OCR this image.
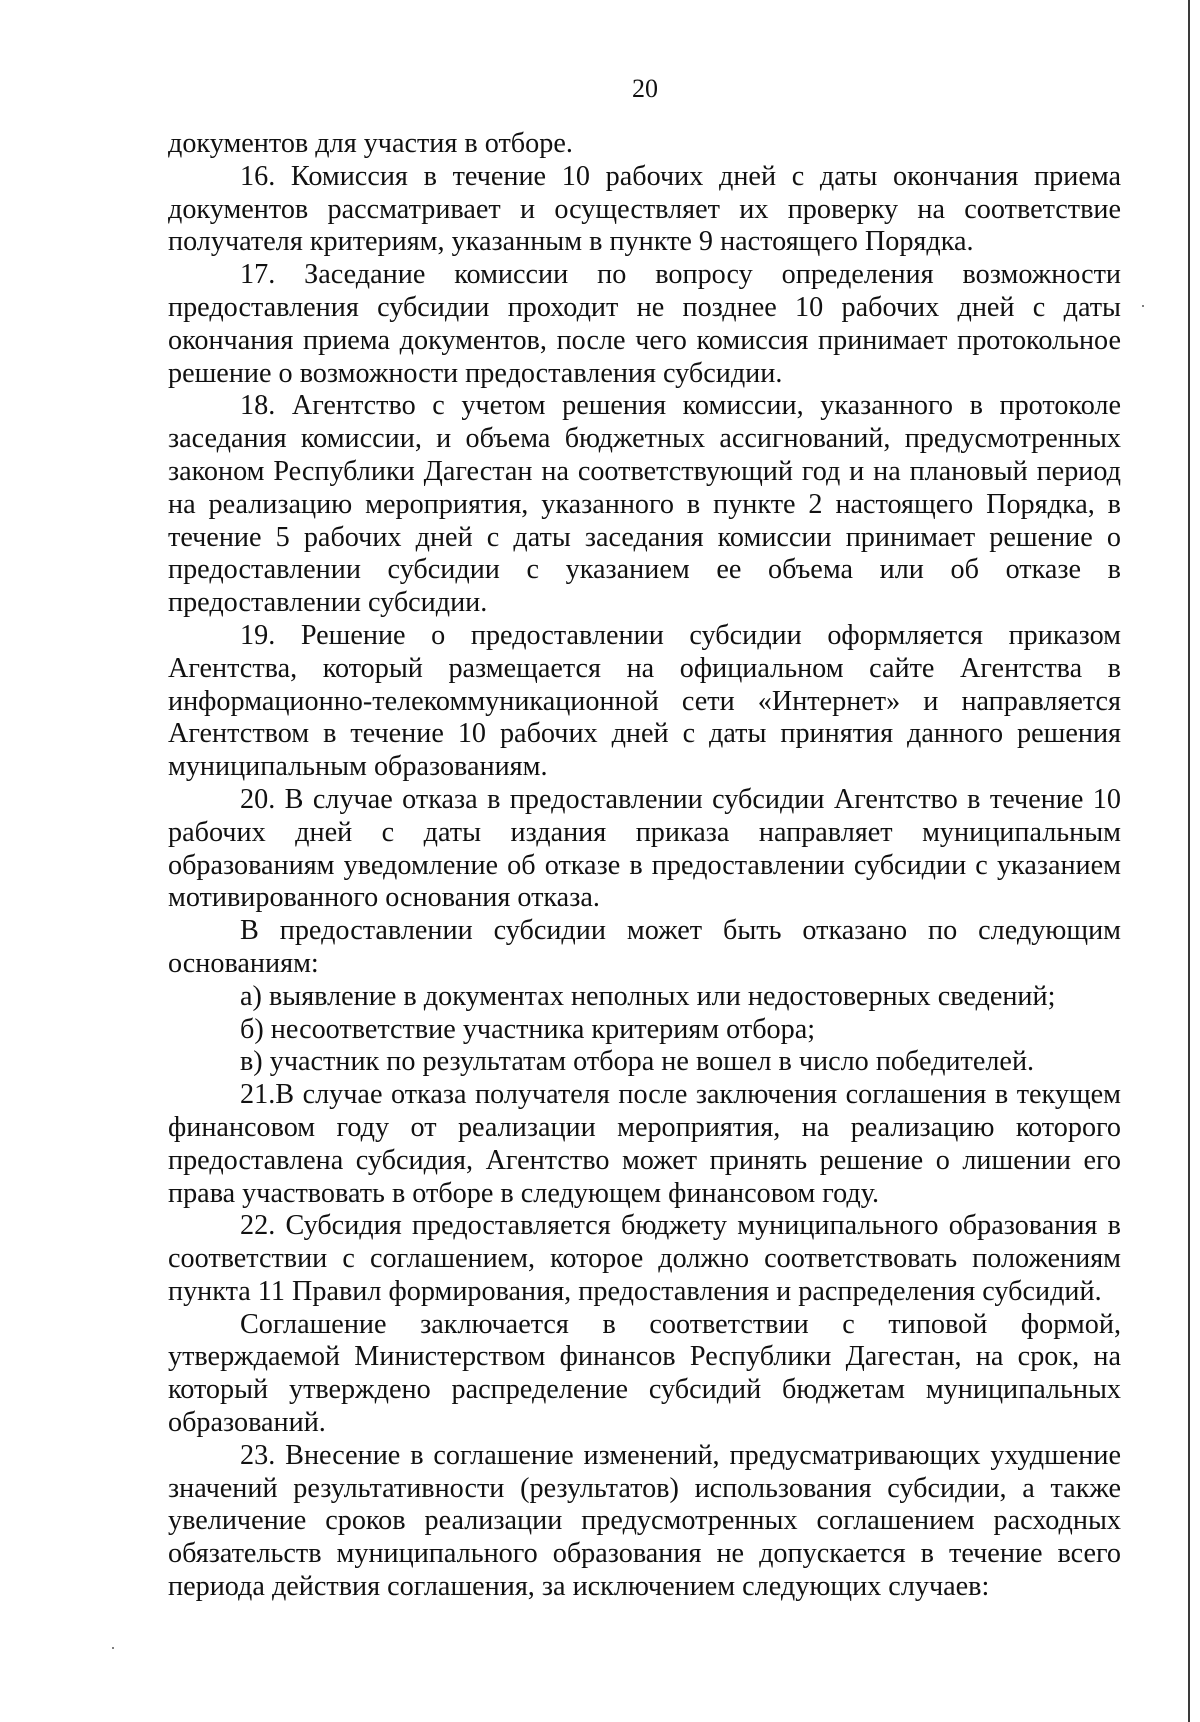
20

документов для участия в отборе.

16. Комиссия в течение 10 рабочих дней с даты окончания приема документов рассматривает и осуществляет их проверку на соответствие получателя критериям, указанным в пункте 9 настоящего Порядка.

17. Заседание комиссии по вопросу определения возможности предоставления субсидии проходит не позднее 10 рабочих дней с даты окончания приема документов, после чего комиссия принимает протокольное решение о возможности предоставления субсидии.

18. Агентство с учетом решения комиссии, указанного в протоколе заседания комиссии, и объема бюджетных ассигнований, предусмотренных законом Республики Дагестан на соответствующий год и на плановый период на реализацию мероприятия, указанного в пункте 2 настоящего Порядка, в течение 5 рабочих дней с даты заседания комиссии принимает решение о предоставлении субсидии с указанием ее объема или об отказе в предоставлении субсидии.

19. Решение о предоставлении субсидии оформляется приказом Агентства, который размещается на официальном сайте Агентства в информационно-телекоммуникационной сети «Интернет» и направляется Агентством в течение 10 рабочих дней с даты принятия данного решения муниципальным образованиям.

20. В случае отказа в предоставлении субсидии Агентство в течение 10 рабочих дней с даты издания приказа направляет муниципальным образованиям уведомление об отказе в предоставлении субсидии с указанием мотивированного основания отказа.

В предоставлении субсидии может быть отказано по следующим основаниям:

а) выявление в документах неполных или недостоверных сведений;

б) несоответствие участника критериям отбора;

в) участник по результатам отбора не вошел в число победителей.

21.В случае отказа получателя после заключения соглашения в текущем финансовом году от реализации мероприятия, на реализацию которого предоставлена субсидия, Агентство может принять решение о лишении его права участвовать в отборе в следующем финансовом году.

22. Субсидия предоставляется бюджету муниципального образования в соответствии с соглашением, которое должно соответствовать положениям пункта 11 Правил формирования, предоставления и распределения субсидий.

Соглашение заключается в соответствии с типовой формой, утверждаемой Министерством финансов Республики Дагестан, на срок, на который утверждено распределение субсидий бюджетам муниципальных образований.

23. Внесение в соглашение изменений, предусматривающих ухудшение значений результативности (результатов) использования субсидии, а также увеличение сроков реализации предусмотренных соглашением расходных обязательств муниципального образования не допускается в течение всего периода действия соглашения, за исключением следующих случаев:
